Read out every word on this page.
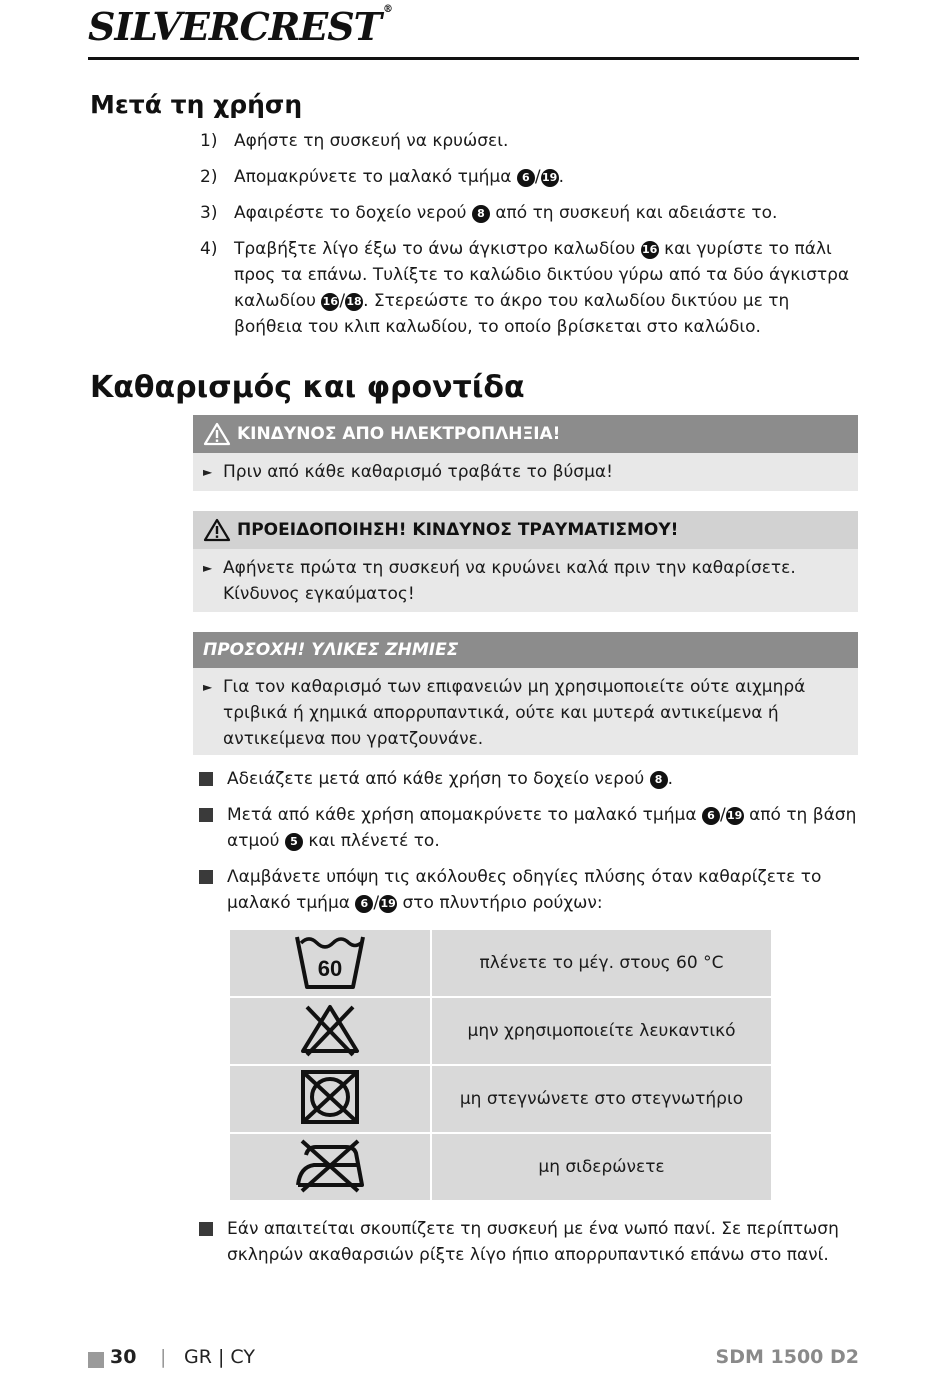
SILVERCREST ®
Μετά τη χρήση
1) Αφήστε τη συσκευή να κρυώσει.
2) Απομακρύνετε το μαλακό τμήμα 6 /19.
3) Αφαιρέστε το δοχείο νερού 8 από τη συσκευή και αδειάστε το.
4) Τραβήξτε λίγο έξω το άνω άγκιστρο καλωδίου 16 και γυρίστε το πάλι προς τα επάνω. Τυλίξτε το καλώδιο δικτύου γύρω από τα δύο άγκιστρα καλωδίου 16/18. Στερεώστε το άκρο του καλωδίου δικτύου με τη βοήθεια του κλιπ καλωδίου, το οποίο βρίσκεται στο καλώδιο.
Καθαρισμός και φροντίδα
ΚΙΝΔΥΝΟΣ ΑΠΟ ΗΛΕΚΤΡΟΠΛΗΞΙΑ!
► Πριν από κάθε καθαρισμό τραβάτε το βύσμα!
ΠΡΟΕΙΔΟΠΟΙΗΣΗ! ΚΙΝΔΥΝΟΣ ΤΡΑΥΜΑΤΙΣΜΟΥ!
► Αφήνετε πρώτα τη συσκευή να κρυώνει καλά πριν την καθαρίσετε. Κίνδυνος εγκαύματος!
ΠΡΟΣΟΧΗ! ΥΛΙΚΕΣ ΖΗΜΙΕΣ
► Για τον καθαρισμό των επιφανειών μη χρησιμοποιείτε ούτε αιχμηρά τριβικά ή χημικά απορρυπαντικά, ούτε και μυτερά αντικείμενα ή αντικείμενα που γρατζουνάνε.
Αδειάζετε μετά από κάθε χρήση το δοχείο νερού 8 .
Μετά από κάθε χρήση απομακρύνετε το μαλακό τμήμα 6 /19 από τη βάση ατμού 5 και πλένετέ το.
Λαμβάνετε υπόψη τις ακόλουθες οδηγίες πλύσης όταν καθαρίζετε το μαλακό τμήμα 6 /19 στο πλυντήριο ρούχων:
60	πλένετε το μέγ. στους 60 °C
	μην χρησιμοποιείτε λευκαντικό
	μη στεγνώνετε στο στεγνωτήριο
	μη σιδερώνετε
Εάν απαιτείται σκουπίζετε τη συσκευή με ένα νωπό πανί. Σε περίπτωση σκληρών ακαθαρσιών ρίξτε λίγο ήπιο απορρυπαντικό επάνω στο πανί.
30 | GR | CY	SDM 1500 D2
